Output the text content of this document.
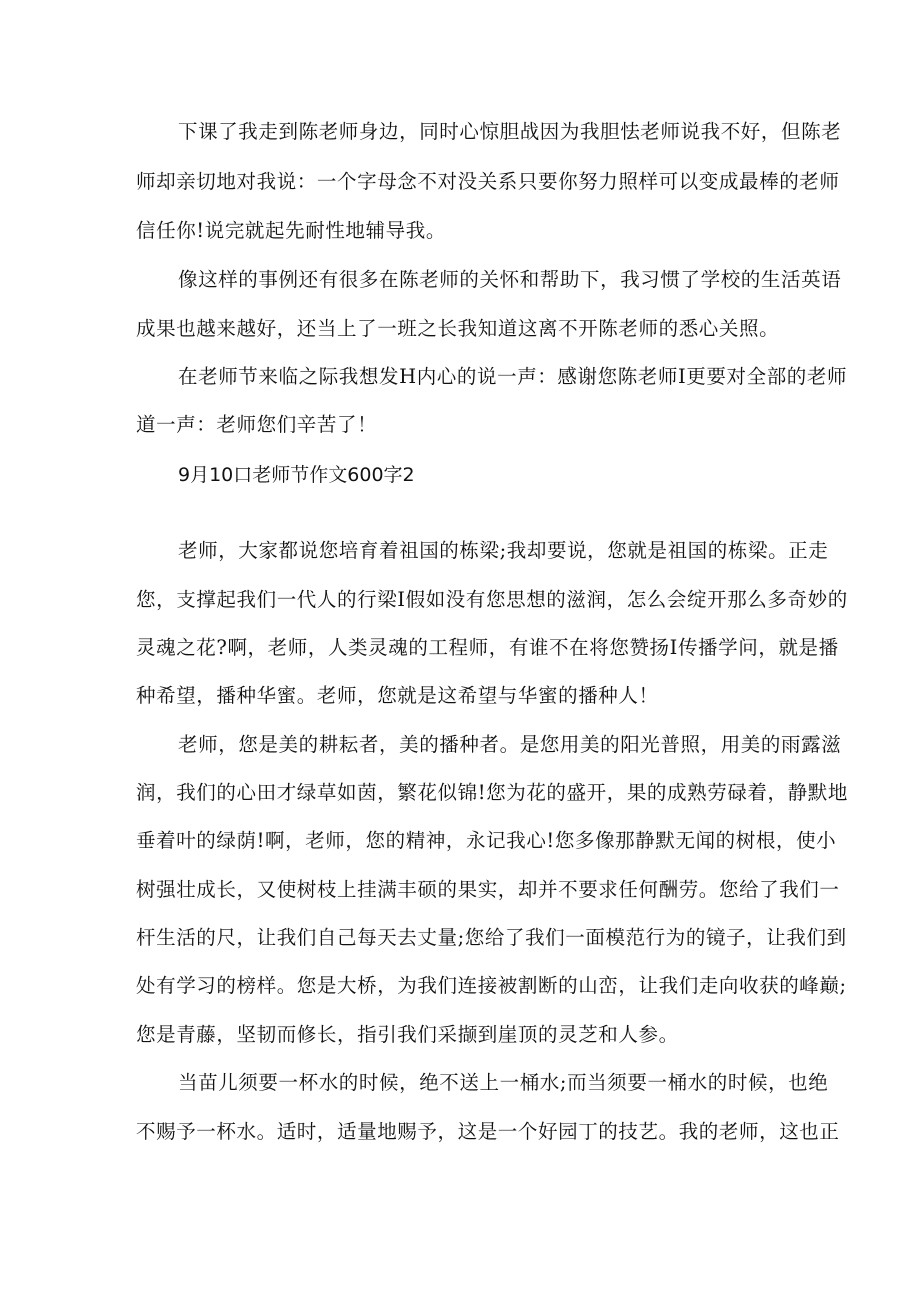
下课了我走到陈老师身边，同时心惊胆战因为我胆怯老师说我不好，但陈老
师却亲切地对我说：一个字母念不对没关系只要你努力照样可以变成最棒的老师
信任你!说完就起先耐性地辅导我。
像这样的事例还有很多在陈老师的关怀和帮助下，我习惯了学校的生活英语
成果也越来越好，还当上了一班之长我知道这离不开陈老师的悉心关照。
在老师节来临之际我想发H内心的说一声：感谢您陈老师I更要对全部的老师
道一声：老师您们辛苦了！
9月10口老师节作文600字2
老师，大家都说您培育着祖国的栋梁;我却要说，您就是祖国的栋梁。正走
您，支撑起我们一代人的行梁I假如没有您思想的滋润，怎么会绽开那么多奇妙的
灵魂之花?啊，老师，人类灵魂的工程师，有谁不在将您赞扬I传播学问，就是播
种希望，播种华蜜。老师，您就是这希望与华蜜的播种人！
老师，您是美的耕耘者，美的播种者。是您用美的阳光普照，用美的雨露滋
润，我们的心田才绿草如茵，繁花似锦!您为花的盛开，果的成熟劳碌着，静默地
垂着叶的绿荫!啊，老师，您的精神，永记我心!您多像那静默无闻的树根，使小
树强壮成长，又使树枝上挂满丰硕的果实，却并不要求任何酬劳。您给了我们一
杆生活的尺，让我们自己每天去丈量;您给了我们一面模范行为的镜子，让我们到
处有学习的榜样。您是大桥，为我们连接被割断的山峦，让我们走向收获的峰巅;
您是青藤，坚韧而修长，指引我们采撷到崖顶的灵芝和人参。
当苗儿须要一杯水的时候，绝不送上一桶水;而当须要一桶水的时候，也绝
不赐予一杯水。适时，适量地赐予，这是一个好园丁的技艺。我的老师，这也正
